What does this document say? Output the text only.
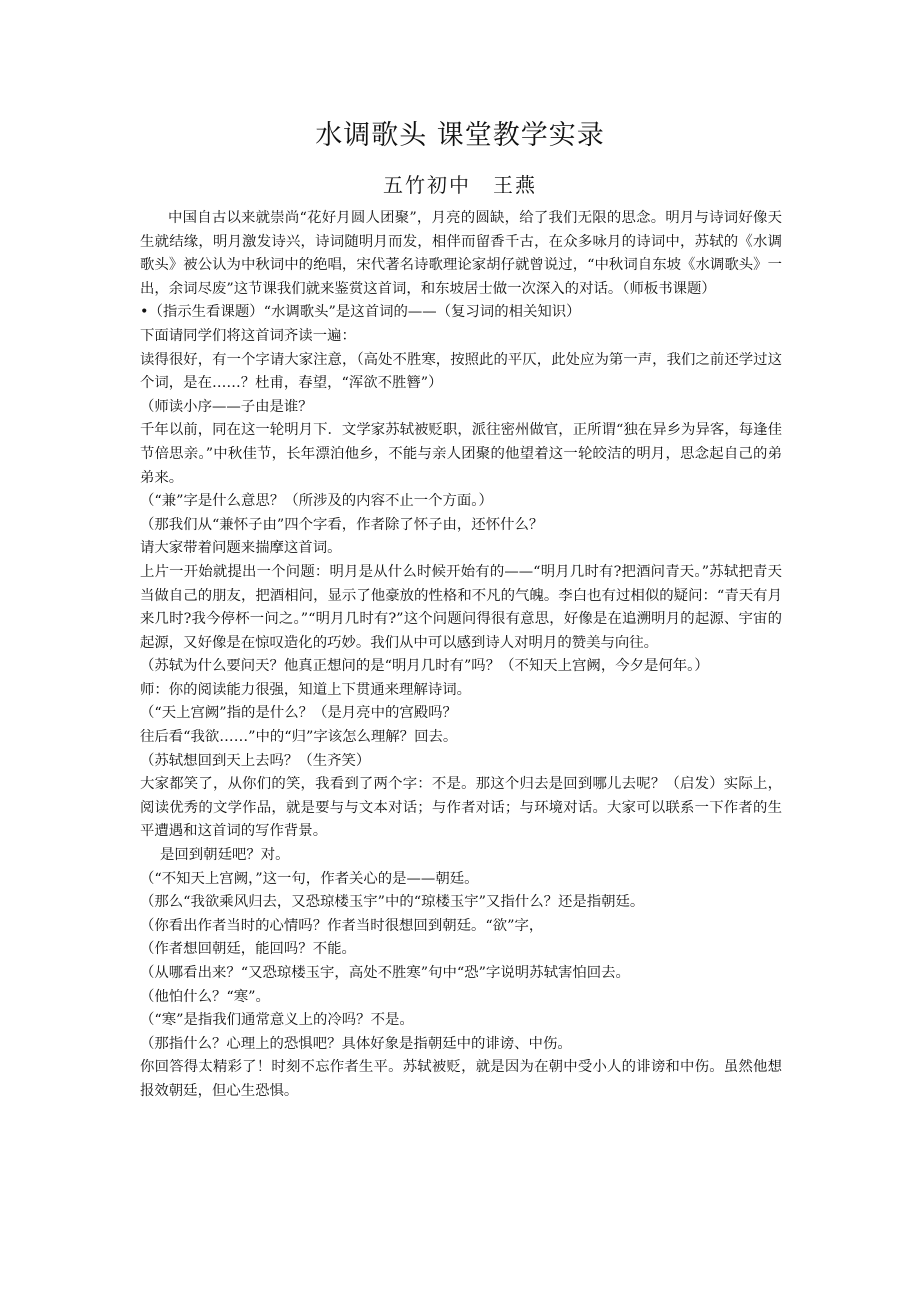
水调歌头 课堂教学实录
五竹初中 王燕

中国自古以来就崇尚“花好月圆人团聚”，月亮的圆缺，给了我们无限的思念。明月与诗词好像天生就结缘，明月激发诗兴，诗词随明月而发，相伴而留香千古，在众多咏月的诗词中，苏轼的《水调歌头》被公认为中秋词中的绝唱，宋代著名诗歌理论家胡仔就曾说过，“中秋词自东坡《水调歌头》一出，余词尽废”这节课我们就来鉴赏这首词，和东坡居士做一次深入的对话。（师板书课题）

•（指示生看课题）“水调歌头”是这首词的——（复习词的相关知识）

下面请同学们将这首词齐读一遍：

读得很好，有一个字请大家注意，（高处不胜寒，按照此的平仄，此处应为第一声，我们之前还学过这个词，是在……？杜甫，春望，“浑欲不胜簪”）

（师读小序——子由是谁？

千年以前，同在这一轮明月下．文学家苏轼被贬职，派往密州做官，正所谓“独在异乡为异客，每逢佳节倍思亲。”中秋佳节，长年漂泊他乡，不能与亲人团聚的他望着这一轮皎洁的明月，思念起自己的弟弟来。

（“兼”字是什么意思？（所涉及的内容不止一个方面。）

（那我们从“兼怀子由”四个字看，作者除了怀子由，还怀什么？

请大家带着问题来揣摩这首词。

上片一开始就提出一个问题：明月是从什么时候开始有的——“明月几时有?把酒问青天。”苏轼把青天当做自己的朋友，把酒相问，显示了他豪放的性格和不凡的气魄。李白也有过相似的疑问：“青天有月来几时?我今停杯一问之。”“明月几时有?”这个问题问得很有意思，好像是在追溯明月的起源、宇宙的起源，又好像是在惊叹造化的巧妙。我们从中可以感到诗人对明月的赞美与向往。

（苏轼为什么要问天？他真正想问的是“明月几时有”吗？（不知天上宫阙，今夕是何年。）

师：你的阅读能力很强，知道上下贯通来理解诗词。

（“天上宫阙”指的是什么？（是月亮中的宫殿吗？

往后看“我欲……”中的“归”字该怎么理解？回去。

（苏轼想回到天上去吗？（生齐笑）

大家都笑了，从你们的笑，我看到了两个字：不是。那这个归去是回到哪儿去呢？（启发）实际上，阅读优秀的文学作品，就是要与与文本对话；与作者对话；与环境对话。大家可以联系一下作者的生平遭遇和这首词的写作背景。

是回到朝廷吧？对。

（“不知天上宫阙，”这一句，作者关心的是——朝廷。

（那么“我欲乘风归去，又恐琼楼玉宇”中的“琼楼玉宇”又指什么？还是指朝廷。

（你看出作者当时的心情吗？作者当时很想回到朝廷。“欲”字，

（作者想回朝廷，能回吗？不能。

（从哪看出来？“又恐琼楼玉宇，高处不胜寒”句中“恐”字说明苏轼害怕回去。

（他怕什么？“寒”。

（“寒”是指我们通常意义上的冷吗？不是。

（那指什么？心理上的恐惧吧？具体好象是指朝廷中的诽谤、中伤。

你回答得太精彩了！时刻不忘作者生平。苏轼被贬，就是因为在朝中受小人的诽谤和中伤。虽然他想报效朝廷，但心生恐惧。
